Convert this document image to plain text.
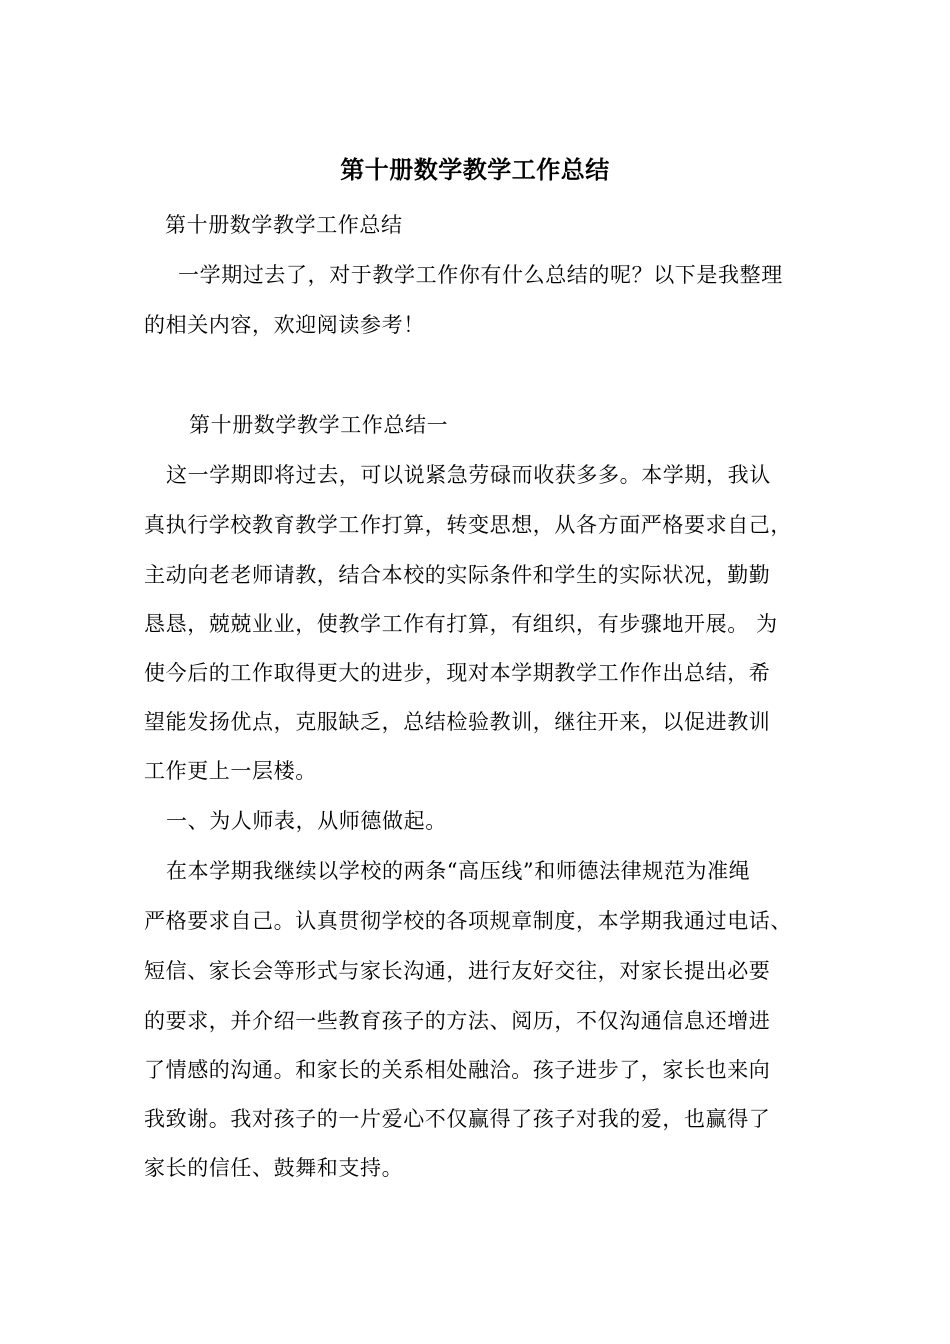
第十册数学教学工作总结
第十册数学教学工作总结
一学期过去了，对于教学工作你有什么总结的呢？以下是我整理
的相关内容，欢迎阅读参考！
第十册数学教学工作总结一
这一学期即将过去，可以说紧急劳碌而收获多多。本学期，我认
真执行学校教育教学工作打算，转变思想，从各方面严格要求自己，
主动向老老师请教，结合本校的实际条件和学生的实际状况，勤勤
恳恳，兢兢业业，使教学工作有打算，有组织，有步骤地开展。 为
使今后的工作取得更大的进步，现对本学期教学工作作出总结，希
望能发扬优点，克服缺乏，总结检验教训，继往开来，以促进教训
工作更上一层楼。
一、为人师表，从师德做起。
在本学期我继续以学校的两条“高压线”和师德法律规范为准绳
严格要求自己。认真贯彻学校的各项规章制度，本学期我通过电话、
短信、家长会等形式与家长沟通，进行友好交往，对家长提出必要
的要求，并介绍一些教育孩子的方法、阅历，不仅沟通信息还增进
了情感的沟通。和家长的关系相处融洽。孩子进步了，家长也来向
我致谢。我对孩子的一片爱心不仅赢得了孩子对我的爱，也赢得了
家长的信任、鼓舞和支持。
